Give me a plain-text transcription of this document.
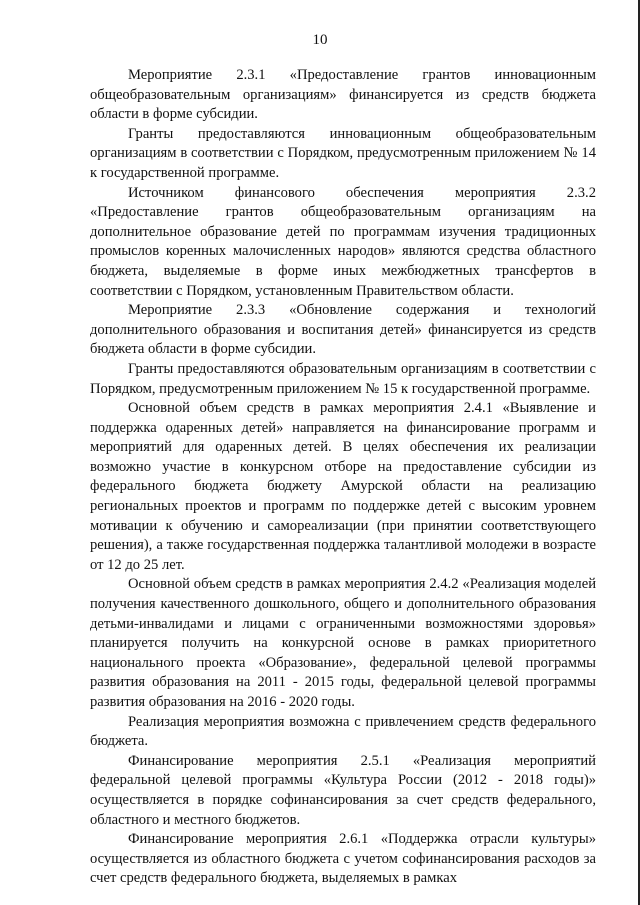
10

Мероприятие 2.3.1 «Предоставление грантов инновационным общеобразовательным организациям» финансируется из средств бюджета области в форме субсидии.

Гранты предоставляются инновационным общеобразовательным организациям в соответствии с Порядком, предусмотренным приложением № 14 к государственной программе.

Источником финансового обеспечения мероприятия 2.3.2 «Предоставление грантов общеобразовательным организациям на дополнительное образование детей по программам изучения традиционных промыслов коренных малочисленных народов» являются средства областного бюджета, выделяемые в форме иных межбюджетных трансфертов в соответствии с Порядком, установленным Правительством области.

Мероприятие 2.3.3 «Обновление содержания и технологий дополнительного образования и воспитания детей» финансируется из средств бюджета области в форме субсидии.

Гранты предоставляются образовательным организациям в соответствии с Порядком, предусмотренным приложением № 15 к государственной программе.

Основной объем средств в рамках мероприятия 2.4.1 «Выявление и поддержка одаренных детей» направляется на финансирование программ и мероприятий для одаренных детей. В целях обеспечения их реализации возможно участие в конкурсном отборе на предоставление субсидии из федерального бюджета бюджету Амурской области на реализацию региональных проектов и программ по поддержке детей с высоким уровнем мотивации к обучению и самореализации (при принятии соответствующего решения), а также государственная поддержка талантливой молодежи в возрасте от 12 до 25 лет.

Основной объем средств в рамках мероприятия 2.4.2 «Реализация моделей получения качественного дошкольного, общего и дополнительного образования детьми-инвалидами и лицами с ограниченными возможностями здоровья» планируется получить на конкурсной основе в рамках приоритетного национального проекта «Образование», федеральной целевой программы развития образования на 2011 - 2015 годы, федеральной целевой программы развития образования на 2016 - 2020 годы.

Реализация мероприятия возможна с привлечением средств федерального бюджета.

Финансирование мероприятия 2.5.1 «Реализация мероприятий федеральной целевой программы «Культура России (2012 - 2018 годы)» осуществляется в порядке софинансирования за счет средств федерального, областного и местного бюджетов.

Финансирование мероприятия 2.6.1 «Поддержка отрасли культуры» осуществляется из областного бюджета с учетом софинансирования расходов за счет средств федерального бюджета, выделяемых в рамках
